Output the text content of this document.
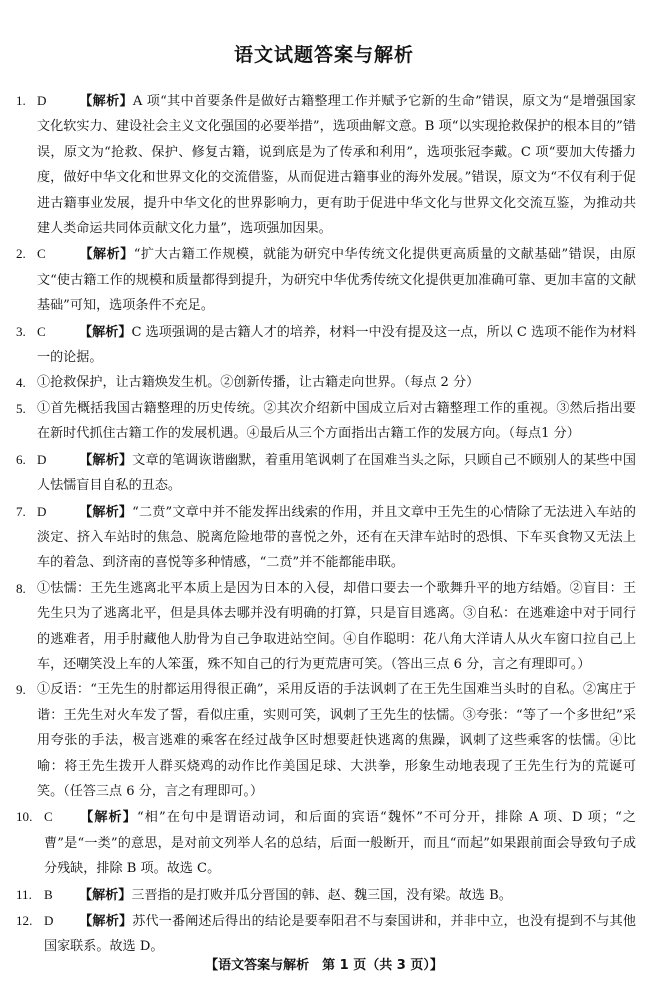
语文试题答案与解析
1. D 【解析】A 项“其中首要条件是做好古籍整理工作并赋予它新的生命”错误，原文为“是增强国家文化软实力、建设社会主义文化强国的必要举措”，选项曲解文意。B 项“以实现抢救保护的根本目的”错误，原文为“抢救、保护、修复古籍，说到底是为了传承和利用”，选项张冠李戴。C 项“要加大传播力度，做好中华文化和世界文化的交流借鉴，从而促进古籍事业的海外发展。”错误，原文为“不仅有利于促进古籍事业发展，提升中华文化的世界影响力，更有助于促进中华文化与世界文化交流互鉴，为推动共建人类命运共同体贡献文化力量”，选项强加因果。
2. C	【解析】“扩大古籍工作规模，就能为研究中华传统文化提供更高质量的文献基础”错误，由原文“使古籍工作的规模和质量都得到提升，为研究中华优秀传统文化提供更加准确可靠、更加丰富的文献基础”可知，选项条件不充足。
3. C	【解析】C 选项强调的是古籍人才的培养，材料一中没有提及这一点，所以 C 选项不能作为材料一的论据。
4. ①抢救保护，让古籍焕发生机。②创新传播，让古籍走向世界。（每点 2 分）
5. ①首先概括我国古籍整理的历史传统。②其次介绍新中国成立后对古籍整理工作的重视。③然后指出要在新时代抓住古籍工作的发展机遇。④最后从三个方面指出古籍工作的发展方向。（每点1 分）
6. D 【解析】文章的笔调诙谐幽默，着重用笔讽刺了在国难当头之际，只顾自己不顾别人的某些中国人怯懦盲目自私的丑态。
7. D 【解析】“二贲”文章中并不能发挥出线索的作用，并且文章中王先生的心情除了无法进入车站的淡定、挤入车站时的焦急、脱离危险地带的喜悦之外，还有在天津车站时的恐惧、下车买食物又无法上车的着急、到济南的喜悦等多种情感，“二贲”并不能都能串联。
8. ①怯懦：王先生逃离北平本质上是因为日本的入侵，却借口要去一个歌舞升平的地方结婚。②盲目：王先生只为了逃离北平，但是具体去哪并没有明确的打算，只是盲目逃离。③自私：在逃难途中对于同行的逃难者，用手肘藏他人肋骨为自己争取进站空间。④自作聪明：花八角大洋请人从火车窗口拉自己上车，还嘲笑没上车的人笨蛋，殊不知自己的行为更荒唐可笑。（答出三点 6 分，言之有理即可。）
9. ①反语：“王先生的肘都运用得很正确”，采用反语的手法讽刺了在王先生国难当头时的自私。②寓庄于谐：王先生对火车发了誓，看似庄重，实则可笑，讽刺了王先生的怯懦。③夸张：“等了一个多世纪”采用夸张的手法，极言逃难的乘客在经过战争区时想要赶快逃离的焦躁，讽刺了这些乘客的怯懦。④比喻：将王先生拨开人群买烧鸡的动作比作美国足球、大洪拳，形象生动地表现了王先生行为的荒诞可笑。（任答三点 6 分，言之有理即可。）
10. C 【解析】“相”在句中是谓语动词，和后面的宾语“魏怀”不可分开，排除 A 项、D 项；“之曹”是“一类”的意思，是对前文列举人名的总结，后面一般断开，而且“而起”如果跟前面会导致句子成分残缺，排除 B 项。故选 C。
11. B 【解析】三晋指的是打败并瓜分晋国的韩、赵、魏三国，没有梁。故选 B。
12. D 【解析】苏代一番阐述后得出的结论是要奉阳君不与秦国讲和，并非中立，也没有提到不与其他国家联系。故选 D。
【语文答案与解析　第 1 页（共 3 页）】
